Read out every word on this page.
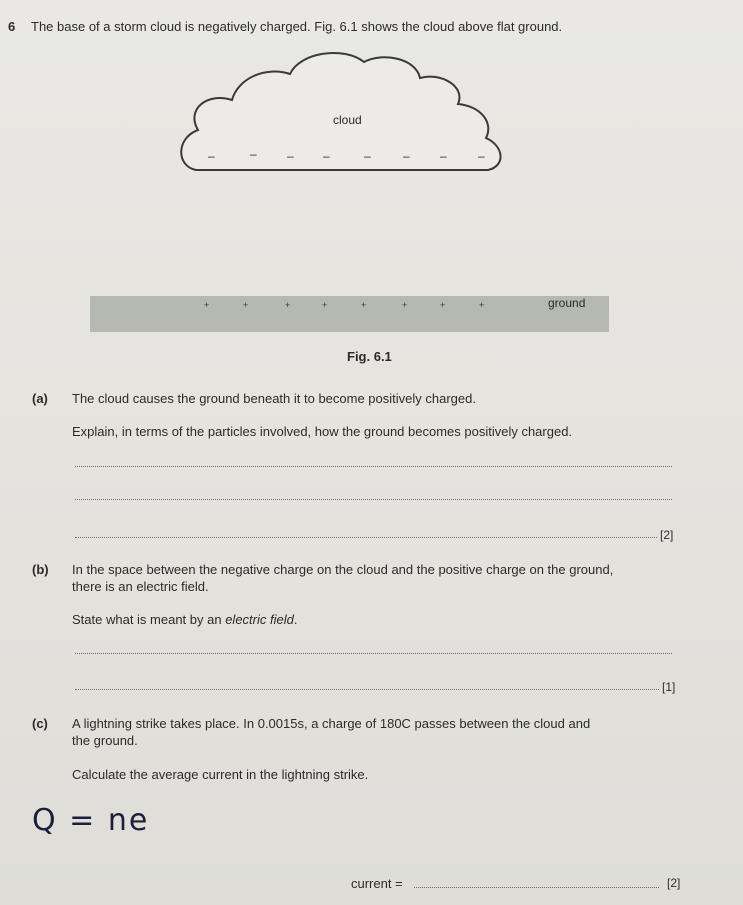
6 The base of a storm cloud is negatively charged. Fig. 6.1 shows the cloud above flat ground.
cloud
–	–	– –	–	–	–	–
+	+	+	+	+	+	+	+	ground
Fig. 6.1
(a) The cloud causes the ground beneath it to become positively charged.
Explain, in terms of the particles involved, how the ground becomes positively charged.
[2]
(b) In the space between the negative charge on the cloud and the positive charge on the ground,
there is an electric field.
State what is meant by an electric field.
[1]
(c) A lightning strike takes place. In 0.0015s, a charge of 180C passes between the cloud and
the ground.
Calculate the average current in the lightning strike.
Q = ne
current =	[2]
